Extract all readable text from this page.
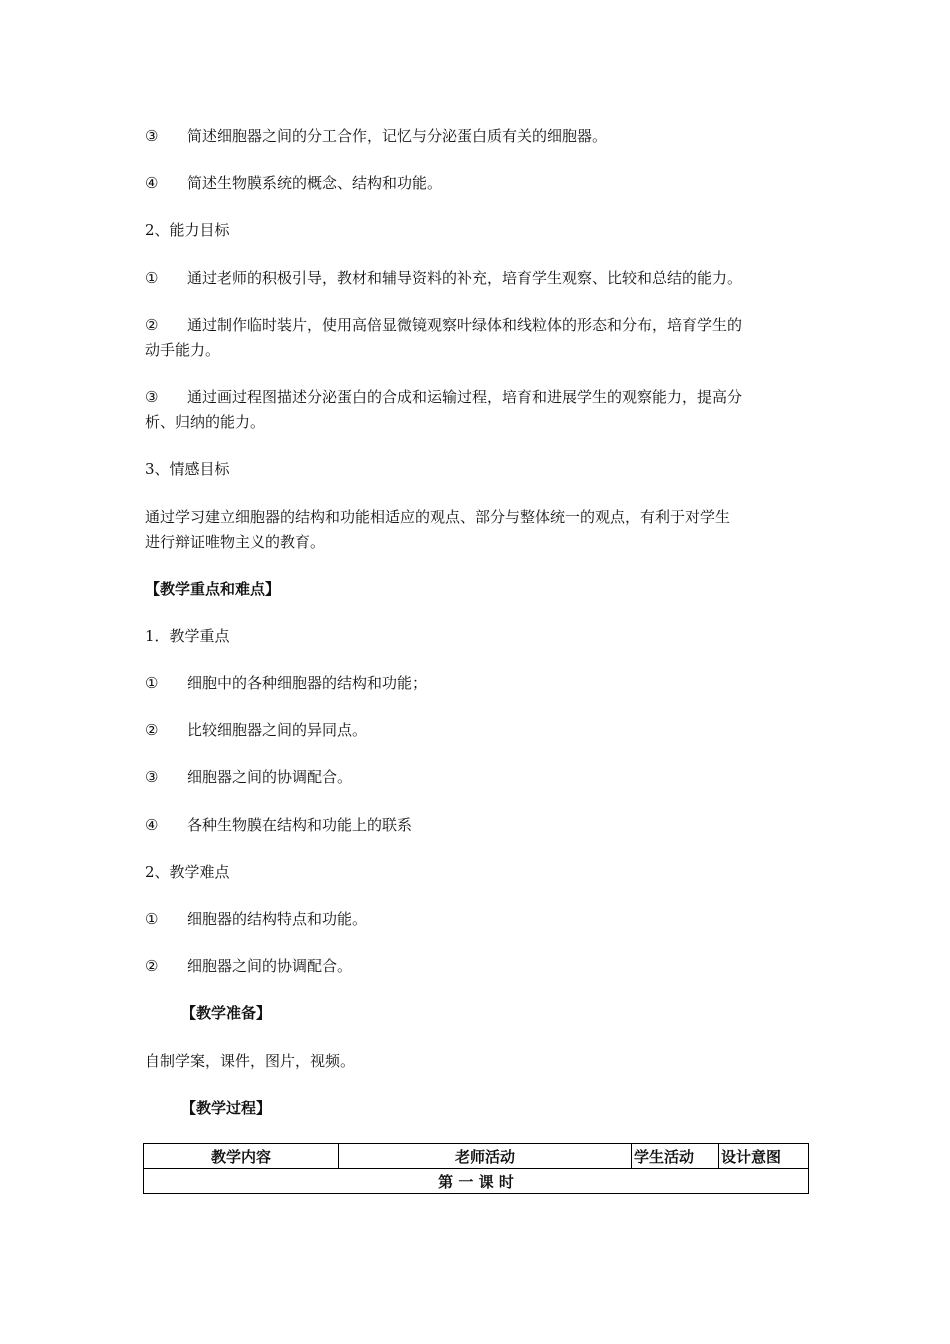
③	简述细胞器之间的分工合作，记忆与分泌蛋白质有关的细胞器。
④	简述生物膜系统的概念、结构和功能。
2、能力目标
①	通过老师的积极引导，教材和辅导资料的补充，培育学生观察、比较和总结的能力。
②	通过制作临时装片，使用高倍显微镜观察叶绿体和线粒体的形态和分布，培育学生的
动手能力。
③	通过画过程图描述分泌蛋白的合成和运输过程，培育和进展学生的观察能力，提高分
析、归纳的能力。
3、情感目标
通过学习建立细胞器的结构和功能相适应的观点、部分与整体统一的观点，有利于对学生
进行辩证唯物主义的教育。
【教学重点和难点】
1．教学重点
①	细胞中的各种细胞器的结构和功能；
②	比较细胞器之间的异同点。
③	细胞器之间的协调配合。
④	各种生物膜在结构和功能上的联系
2、教学难点
①	细胞器的结构特点和功能。
②	细胞器之间的协调配合。
【教学准备】
自制学案，课件，图片，视频。
【教学过程】
教学内容	老师活动	学生活动	设计意图
第 一 课 时
